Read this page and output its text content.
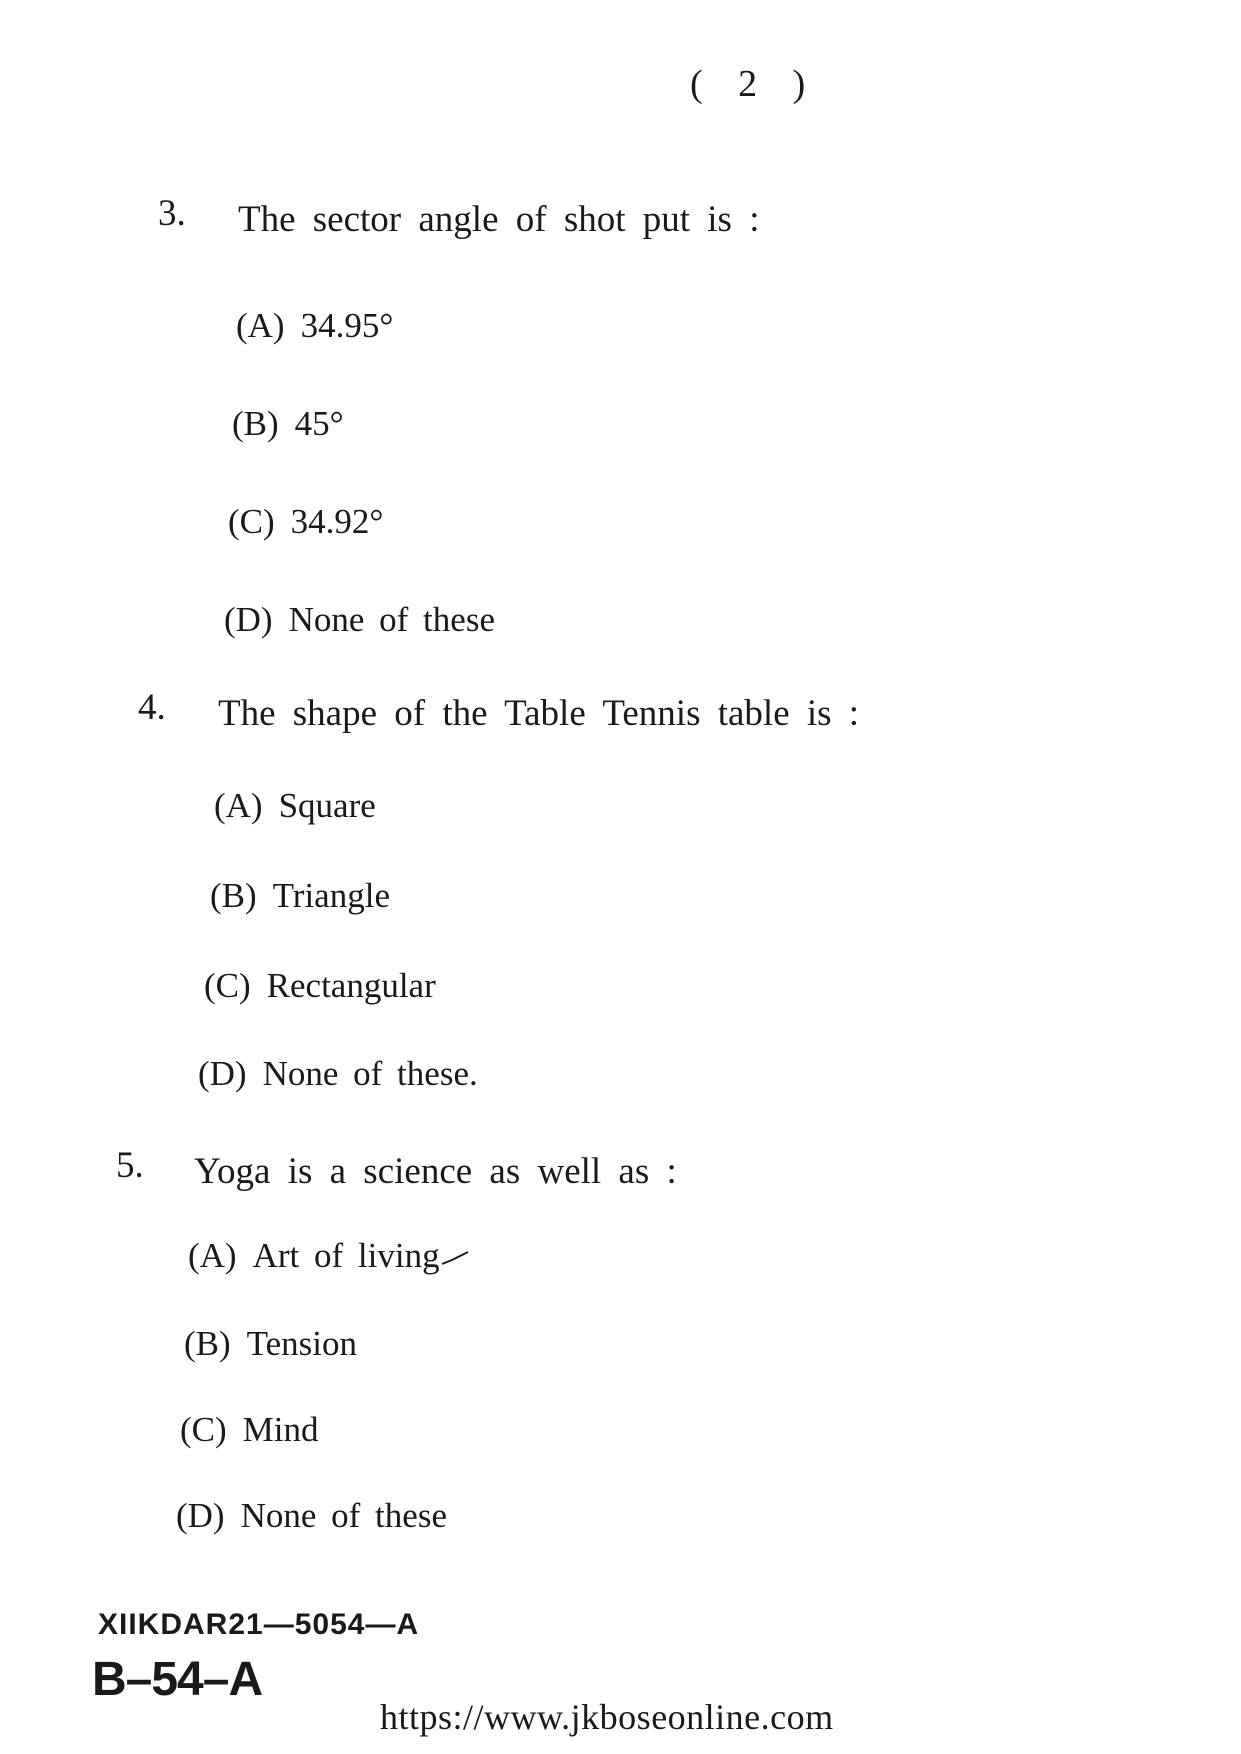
( 2 )
3. The sector angle of shot put is :
(A) 34.95°
(B) 45°
(C) 34.92°
(D) None of these
4. The shape of the Table Tennis table is :
(A) Square
(B) Triangle
(C) Rectangular
(D) None of these.
5. Yoga is a science as well as :
(A) Art of living
(B) Tension
(C) Mind
(D) None of these
XIIKDAR21—5054—A
B–54–A
https://www.jkboseonline.com
